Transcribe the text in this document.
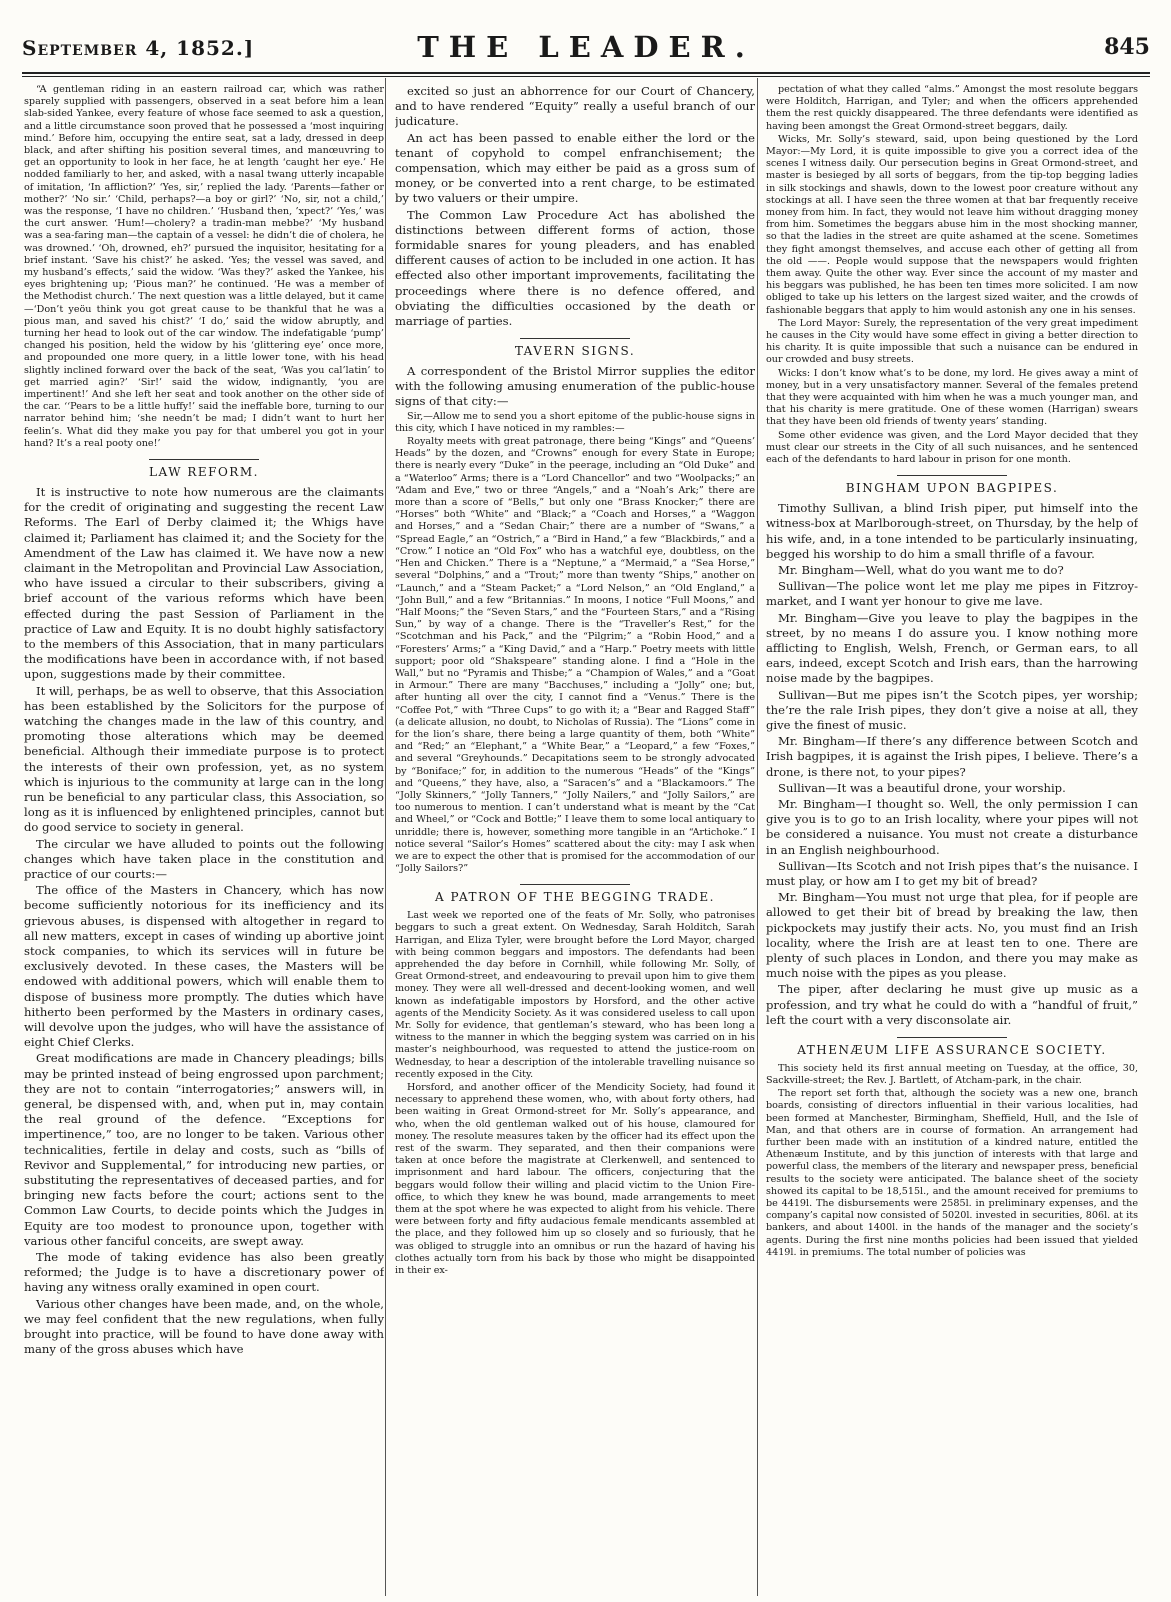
September 4, 1852.]	THE LEADER.	845

“A gentleman riding in an eastern railroad car, which was rather sparely supplied with passengers, observed in a seat before him a lean slab-sided Yankee, every feature of whose face seemed to ask a question, and a little circumstance soon proved that he possessed a ‘most inquiring mind.’ Before him, occupying the entire seat, sat a lady, dressed in deep black, and after shifting his position several times, and manœuvring to get an opportunity to look in her face, he at length ‘caught her eye.’ He nodded familiarly to her, and asked, with a nasal twang utterly incapable of imitation, ‘In affliction?’ ‘Yes, sir,’ replied the lady. ‘Parents—father or mother?’ ‘No sir.’ ‘Child, perhaps?—a boy or girl?’ ‘No, sir, not a child,’ was the response, ‘I have no children.’ ‘Husband then, ’xpect?’ ‘Yes,’ was the curt answer. ‘Hum!—cholery? a tradin-man mebbe?’ ‘My husband was a sea-faring man—the captain of a vessel: he didn’t die of cholera, he was drowned.’ ‘Oh, drowned, eh?’ pursued the inquisitor, hesitating for a brief instant. ‘Save his chist?’ he asked. ‘Yes; the vessel was saved, and my husband’s effects,’ said the widow. ‘Was they?’ asked the Yankee, his eyes brightening up; ‘Pious man?’ he continued. ‘He was a member of the Methodist church.’ The next question was a little delayed, but it came—‘Don’t yeöu think you got great cause to be thankful that he was a pious man, and saved his chist?’ ‘I do,’ said the widow abruptly, and turning her head to look out of the car window. The indefatigable ‘pump’ changed his position, held the widow by his ‘glittering eye’ once more, and propounded one more query, in a little lower tone, with his head slightly inclined forward over the back of the seat, ‘Was you cal’latin’ to get married agin?’ ‘Sir!’ said the widow, indignantly, ‘you are impertinent!’ And she left her seat and took another on the other side of the car. ‘‘Pears to be a little huffy!’ said the ineffable bore, turning to our narrator behind him; ‘she needn’t be mad; I didn’t want to hurt her feelin’s. What did they make you pay for that umberel you got in your hand? It’s a real pooty one!’

LAW REFORM.

It is instructive to note how numerous are the claimants for the credit of originating and suggesting the recent Law Reforms. The Earl of Derby claimed it; the Whigs have claimed it; Parliament has claimed it; and the Society for the Amendment of the Law has claimed it. We have now a new claimant in the Metropolitan and Provincial Law Association, who have issued a circular to their subscribers, giving a brief account of the various reforms which have been effected during the past Session of Parliament in the practice of Law and Equity. It is no doubt highly satisfactory to the members of this Association, that in many particulars the modifications have been in accordance with, if not based upon, suggestions made by their committee.

It will, perhaps, be as well to observe, that this Association has been established by the Solicitors for the purpose of watching the changes made in the law of this country, and promoting those alterations which may be deemed beneficial. Although their immediate purpose is to protect the interests of their own profession, yet, as no system which is injurious to the community at large can in the long run be beneficial to any particular class, this Association, so long as it is influenced by enlightened principles, cannot but do good service to society in general.

The circular we have alluded to points out the following changes which have taken place in the constitution and practice of our courts:—

The office of the Masters in Chancery, which has now become sufficiently notorious for its inefficiency and its grievous abuses, is dispensed with altogether in regard to all new matters, except in cases of winding up abortive joint stock companies, to which its services will in future be exclusively devoted. In these cases, the Masters will be endowed with additional powers, which will enable them to dispose of business more promptly. The duties which have hitherto been performed by the Masters in ordinary cases, will devolve upon the judges, who will have the assistance of eight Chief Clerks.

Great modifications are made in Chancery pleadings; bills may be printed instead of being engrossed upon parchment; they are not to contain “interrogatories;” answers will, in general, be dispensed with, and, when put in, may contain the real ground of the defence. “Exceptions for impertinence,” too, are no longer to be taken. Various other technicalities, fertile in delay and costs, such as “bills of Revivor and Supplemental,” for introducing new parties, or substituting the representatives of deceased parties, and for bringing new facts before the court; actions sent to the Common Law Courts, to decide points which the Judges in Equity are too modest to pronounce upon, together with various other fanciful conceits, are swept away.

The mode of taking evidence has also been greatly reformed; the Judge is to have a discretionary power of having any witness orally examined in open court.

Various other changes have been made, and, on the whole, we may feel confident that the new regulations, when fully brought into practice, will be found to have done away with many of the gross abuses which have

excited so just an abhorrence for our Court of Chancery, and to have rendered “Equity” really a useful branch of our judicature.

An act has been passed to enable either the lord or the tenant of copyhold to compel enfranchisement; the compensation, which may either be paid as a gross sum of money, or be converted into a rent charge, to be estimated by two valuers or their umpire.

The Common Law Procedure Act has abolished the distinctions between different forms of action, those formidable snares for young pleaders, and has enabled different causes of action to be included in one action. It has effected also other important improvements, facilitating the proceedings where there is no defence offered, and obviating the difficulties occasioned by the death or marriage of parties.

TAVERN SIGNS.

A correspondent of the Bristol Mirror supplies the editor with the following amusing enumeration of the public-house signs of that city:—

Sir,—Allow me to send you a short epitome of the public-house signs in this city, which I have noticed in my rambles:—

Royalty meets with great patronage, there being “Kings” and “Queens’ Heads” by the dozen, and “Crowns” enough for every State in Europe; there is nearly every “Duke” in the peerage, including an “Old Duke” and a “Waterloo” Arms; there is a “Lord Chancellor” and two “Woolpacks;” an “Adam and Eve,” two or three “Angels,” and a “Noah’s Ark;” there are more than a score of “Bells,” but only one “Brass Knocker;” there are “Horses” both “White” and “Black;” a “Coach and Horses,” a “Waggon and Horses,” and a “Sedan Chair;” there are a number of “Swans,” a “Spread Eagle,” an “Ostrich,” a “Bird in Hand,” a few “Blackbirds,” and a “Crow.” I notice an “Old Fox” who has a watchful eye, doubtless, on the “Hen and Chicken.” There is a “Neptune,” a “Mermaid,” a “Sea Horse,” several “Dolphins,” and a “Trout;” more than twenty “Ships,” another on “Launch,” and a “Steam Packet;” a “Lord Nelson,” an “Old England,” a “John Bull,” and a few “Britannias.” In moons, I notice “Full Moons,” and “Half Moons;” the “Seven Stars,” and the “Fourteen Stars,” and a “Rising Sun,” by way of a change. There is the “Traveller’s Rest,” for the “Scotchman and his Pack,” and the “Pilgrim;” a “Robin Hood,” and a “Foresters’ Arms;” a “King David,” and a “Harp.” Poetry meets with little support; poor old “Shakspeare” standing alone. I find a “Hole in the Wall,” but no “Pyramis and Thisbe;” a “Champion of Wales,” and a “Goat in Armour.” There are many “Bacchuses,” including a “Jolly” one; but, after hunting all over the city, I cannot find a “Venus.” There is the “Coffee Pot,” with “Three Cups” to go with it; a “Bear and Ragged Staff” (a delicate allusion, no doubt, to Nicholas of Russia). The “Lions” come in for the lion’s share, there being a large quantity of them, both “White” and “Red;” an “Elephant,” a “White Bear,” a “Leopard,” a few “Foxes,” and several “Greyhounds.” Decapitations seem to be strongly advocated by “Boniface;” for, in addition to the numerous “Heads” of the “Kings” and “Queens,” they have, also, a “Saracen’s” and a “Blackamoors.” The “Jolly Skinners,” “Jolly Tanners,” “Jolly Nailers,” and “Jolly Sailors,” are too numerous to mention. I can’t understand what is meant by the “Cat and Wheel,” or “Cock and Bottle;” I leave them to some local antiquary to unriddle; there is, however, something more tangible in an “Artichoke.” I notice several “Sailor’s Homes” scattered about the city: may I ask when we are to expect the other that is promised for the accommodation of our “Jolly Sailors?”

A PATRON OF THE BEGGING TRADE.

Last week we reported one of the feats of Mr. Solly, who patronises beggars to such a great extent. On Wednesday, Sarah Holditch, Sarah Harrigan, and Eliza Tyler, were brought before the Lord Mayor, charged with being common beggars and impostors. The defendants had been apprehended the day before in Cornhill, while following Mr. Solly, of Great Ormond-street, and endeavouring to prevail upon him to give them money. They were all well-dressed and decent-looking women, and well known as indefatigable impostors by Horsford, and the other active agents of the Mendicity Society. As it was considered useless to call upon Mr. Solly for evidence, that gentleman’s steward, who has been long a witness to the manner in which the begging system was carried on in his master’s neighbourhood, was requested to attend the justice-room on Wednesday, to hear a description of the intolerable travelling nuisance so recently exposed in the City.

Horsford, and another officer of the Mendicity Society, had found it necessary to apprehend these women, who, with about forty others, had been waiting in Great Ormond-street for Mr. Solly’s appearance, and who, when the old gentleman walked out of his house, clamoured for money. The resolute measures taken by the officer had its effect upon the rest of the swarm. They separated, and then their companions were taken at once before the magistrate at Clerkenwell, and sentenced to imprisonment and hard labour. The officers, conjecturing that the beggars would follow their willing and placid victim to the Union Fire-office, to which they knew he was bound, made arrangements to meet them at the spot where he was expected to alight from his vehicle. There were between forty and fifty audacious female mendicants assembled at the place, and they followed him up so closely and so furiously, that he was obliged to struggle into an omnibus or run the hazard of having his clothes actually torn from his back by those who might be disappointed in their ex-

pectation of what they called “alms.” Amongst the most resolute beggars were Holditch, Harrigan, and Tyler; and when the officers apprehended them the rest quickly disappeared. The three defendants were identified as having been amongst the Great Ormond-street beggars, daily.

Wicks, Mr. Solly’s steward, said, upon being questioned by the Lord Mayor:—My Lord, it is quite impossible to give you a correct idea of the scenes I witness daily. Our persecution begins in Great Ormond-street, and master is besieged by all sorts of beggars, from the tip-top begging ladies in silk stockings and shawls, down to the lowest poor creature without any stockings at all. I have seen the three women at that bar frequently receive money from him. In fact, they would not leave him without dragging money from him. Sometimes the beggars abuse him in the most shocking manner, so that the ladies in the street are quite ashamed at the scene. Sometimes they fight amongst themselves, and accuse each other of getting all from the old ——. People would suppose that the newspapers would frighten them away. Quite the other way. Ever since the account of my master and his beggars was published, he has been ten times more solicited. I am now obliged to take up his letters on the largest sized waiter, and the crowds of fashionable beggars that apply to him would astonish any one in his senses.

The Lord Mayor: Surely, the representation of the very great impediment he causes in the City would have some effect in giving a better direction to his charity. It is quite impossible that such a nuisance can be endured in our crowded and busy streets.

Wicks: I don’t know what’s to be done, my lord. He gives away a mint of money, but in a very unsatisfactory manner. Several of the females pretend that they were acquainted with him when he was a much younger man, and that his charity is mere gratitude. One of these women (Harrigan) swears that they have been old friends of twenty years’ standing.

Some other evidence was given, and the Lord Mayor decided that they must clear our streets in the City of all such nuisances, and he sentenced each of the defendants to hard labour in prison for one month.

BINGHAM UPON BAGPIPES.

Timothy Sullivan, a blind Irish piper, put himself into the witness-box at Marlborough-street, on Thursday, by the help of his wife, and, in a tone intended to be particularly insinuating, begged his worship to do him a small thrifle of a favour.

Mr. Bingham—Well, what do you want me to do?

Sullivan—The police wont let me play me pipes in Fitzroy-market, and I want yer honour to give me lave.

Mr. Bingham—Give you leave to play the bagpipes in the street, by no means I do assure you. I know nothing more afflicting to English, Welsh, French, or German ears, to all ears, indeed, except Scotch and Irish ears, than the harrowing noise made by the bagpipes.

Sullivan—But me pipes isn’t the Scotch pipes, yer worship; the’re the rale Irish pipes, they don’t give a noise at all, they give the finest of music.

Mr. Bingham—If there’s any difference between Scotch and Irish bagpipes, it is against the Irish pipes, I believe. There’s a drone, is there not, to your pipes?

Sullivan—It was a beautiful drone, your worship.

Mr. Bingham—I thought so. Well, the only permission I can give you is to go to an Irish locality, where your pipes will not be considered a nuisance. You must not create a disturbance in an English neighbourhood.

Sullivan—Its Scotch and not Irish pipes that’s the nuisance. I must play, or how am I to get my bit of bread?

Mr. Bingham—You must not urge that plea, for if people are allowed to get their bit of bread by breaking the law, then pickpockets may justify their acts. No, you must find an Irish locality, where the Irish are at least ten to one. There are plenty of such places in London, and there you may make as much noise with the pipes as you please.

The piper, after declaring he must give up music as a profession, and try what he could do with a “handful of fruit,” left the court with a very disconsolate air.

ATHENÆUM LIFE ASSURANCE SOCIETY.

This society held its first annual meeting on Tuesday, at the office, 30, Sackville-street; the Rev. J. Bartlett, of Atcham-park, in the chair.

The report set forth that, although the society was a new one, branch boards, consisting of directors influential in their various localities, had been formed at Manchester, Birmingham, Sheffield, Hull, and the Isle of Man, and that others are in course of formation. An arrangement had further been made with an institution of a kindred nature, entitled the Athenæum Institute, and by this junction of interests with that large and powerful class, the members of the literary and newspaper press, beneficial results to the society were anticipated. The balance sheet of the society showed its capital to be 18,515l., and the amount received for premiums to be 4419l. The disbursements were 2585l. in preliminary expenses, and the company’s capital now consisted of 5020l. invested in securities, 806l. at its bankers, and about 1400l. in the hands of the manager and the society’s agents. During the first nine months policies had been issued that yielded 4419l. in premiums. The total number of policies was
